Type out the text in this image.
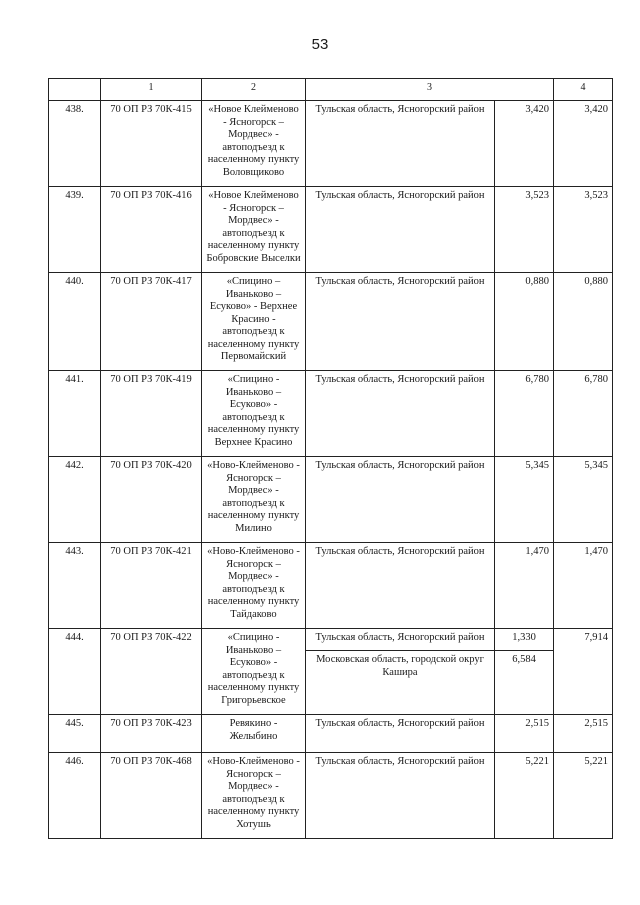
53
	1	2	3		4
438.	70 ОП РЗ 70К-415	«Новое Клейменово - Ясногорск – Мордвес» - автоподъезд к населенному пункту Воловщиково	Тульская область, Ясногорский район	3,420	3,420
439.	70 ОП РЗ 70К-416	«Новое Клейменово - Ясногорск – Мордвес» - автоподъезд к населенному пункту Бобровские Выселки	Тульская область, Ясногорский район	3,523	3,523
440.	70 ОП РЗ 70К-417	«Спицино – Иваньково – Есуково» - Верхнее Красино - автоподъезд к населенному пункту Первомайский	Тульская область, Ясногорский район	0,880	0,880
441.	70 ОП РЗ 70К-419	«Спицино - Иваньково – Есуково» - автоподъезд к населенному пункту Верхнее Красино	Тульская область, Ясногорский район	6,780	6,780
442.	70 ОП РЗ 70К-420	«Ново-Клейменово - Ясногорск – Мордвес» - автоподъезд к населенному пункту Милино	Тульская область, Ясногорский район	5,345	5,345
443.	70 ОП РЗ 70К-421	«Ново-Клейменово - Ясногорск – Мордвес» - автоподъезд к населенному пункту Тайдаково	Тульская область, Ясногорский район	1,470	1,470
444.	70 ОП РЗ 70К-422	«Спицино - Иваньково – Есуково» - автоподъезд к населенному пункту Григорьевское	Тульская область, Ясногорский район	1,330	7,914
			Московская область, городской округ Кашира	6,584	
445.	70 ОП РЗ 70К-423	Ревякино - Желыбино	Тульская область, Ясногорский район	2,515	2,515
446.	70 ОП РЗ 70К-468	«Ново-Клейменово - Ясногорск – Мордвес» - автоподъезд к населенному пункту Хотушь	Тульская область, Ясногорский район	5,221	5,221
